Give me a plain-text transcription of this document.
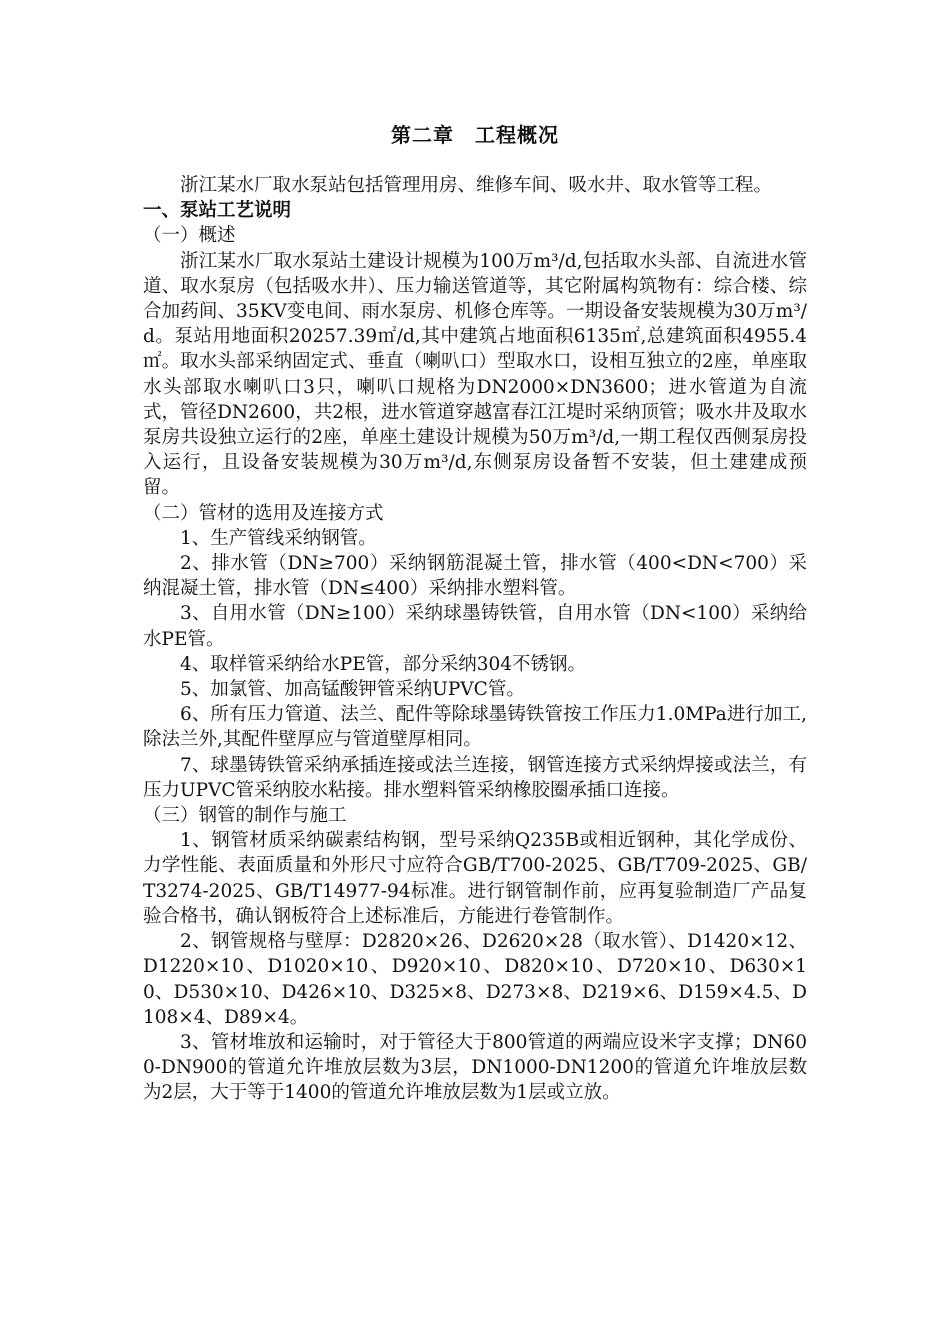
第二章　工程概况

浙江某水厂取水泵站包括管理用房、维修车间、吸水井、取水管等工程。

一、泵站工艺说明

（一）概述

浙江某水厂取水泵站土建设计规模为100万m³/d,包括取水头部、自流进水管道、取水泵房（包括吸水井）、压力输送管道等，其它附属构筑物有：综合楼、综合加药间、35KV变电间、雨水泵房、机修仓库等。一期设备安装规模为30万m³/d。泵站用地面积20257.39㎡/d,其中建筑占地面积6135㎡,总建筑面积4955.4㎡。取水头部采纳固定式、垂直（喇叭口）型取水口，设相互独立的2座，单座取水头部取水喇叭口3只，喇叭口规格为DN2000×DN3600；进水管道为自流式，管径DN2600，共2根，进水管道穿越富春江江堤时采纳顶管；吸水井及取水泵房共设独立运行的2座，单座土建设计规模为50万m³/d,一期工程仅西侧泵房投入运行，且设备安装规模为30万m³/d,东侧泵房设备暂不安装，但土建建成预留。

（二）管材的选用及连接方式

1、生产管线采纳钢管。

2、排水管（DN≥700）采纳钢筋混凝土管，排水管（400<DN<700）采纳混凝土管，排水管（DN≤400）采纳排水塑料管。

3、自用水管（DN≥100）采纳球墨铸铁管，自用水管（DN<100）采纳给水PE管。

4、取样管采纳给水PE管，部分采纳304不锈钢。

5、加氯管、加高锰酸钾管采纳UPVC管。

6、所有压力管道、法兰、配件等除球墨铸铁管按工作压力1.0MPa进行加工,除法兰外,其配件壁厚应与管道壁厚相同。

7、球墨铸铁管采纳承插连接或法兰连接，钢管连接方式采纳焊接或法兰，有压力UPVC管采纳胶水粘接。排水塑料管采纳橡胶圈承插口连接。

（三）钢管的制作与施工

1、钢管材质采纳碳素结构钢，型号采纳Q235B或相近钢种，其化学成份、力学性能、表面质量和外形尺寸应符合GB/T700-2025、GB/T709-2025、GB/T3274-2025、GB/T14977-94标准。进行钢管制作前，应再复验制造厂产品复验合格书，确认钢板符合上述标准后，方能进行卷管制作。

2、钢管规格与壁厚：D2820×26、D2620×28（取水管）、D1420×12、D1220×10、D1020×10、D920×10、D820×10、D720×10、D630×10、D530×10、D426×10、D325×8、D273×8、D219×6、D159×4.5、D108×4、D89×4。

3、管材堆放和运输时，对于管径大于800管道的两端应设米字支撑；DN600-DN900的管道允许堆放层数为3层，DN1000-DN1200的管道允许堆放层数为2层，大于等于1400的管道允许堆放层数为1层或立放。
